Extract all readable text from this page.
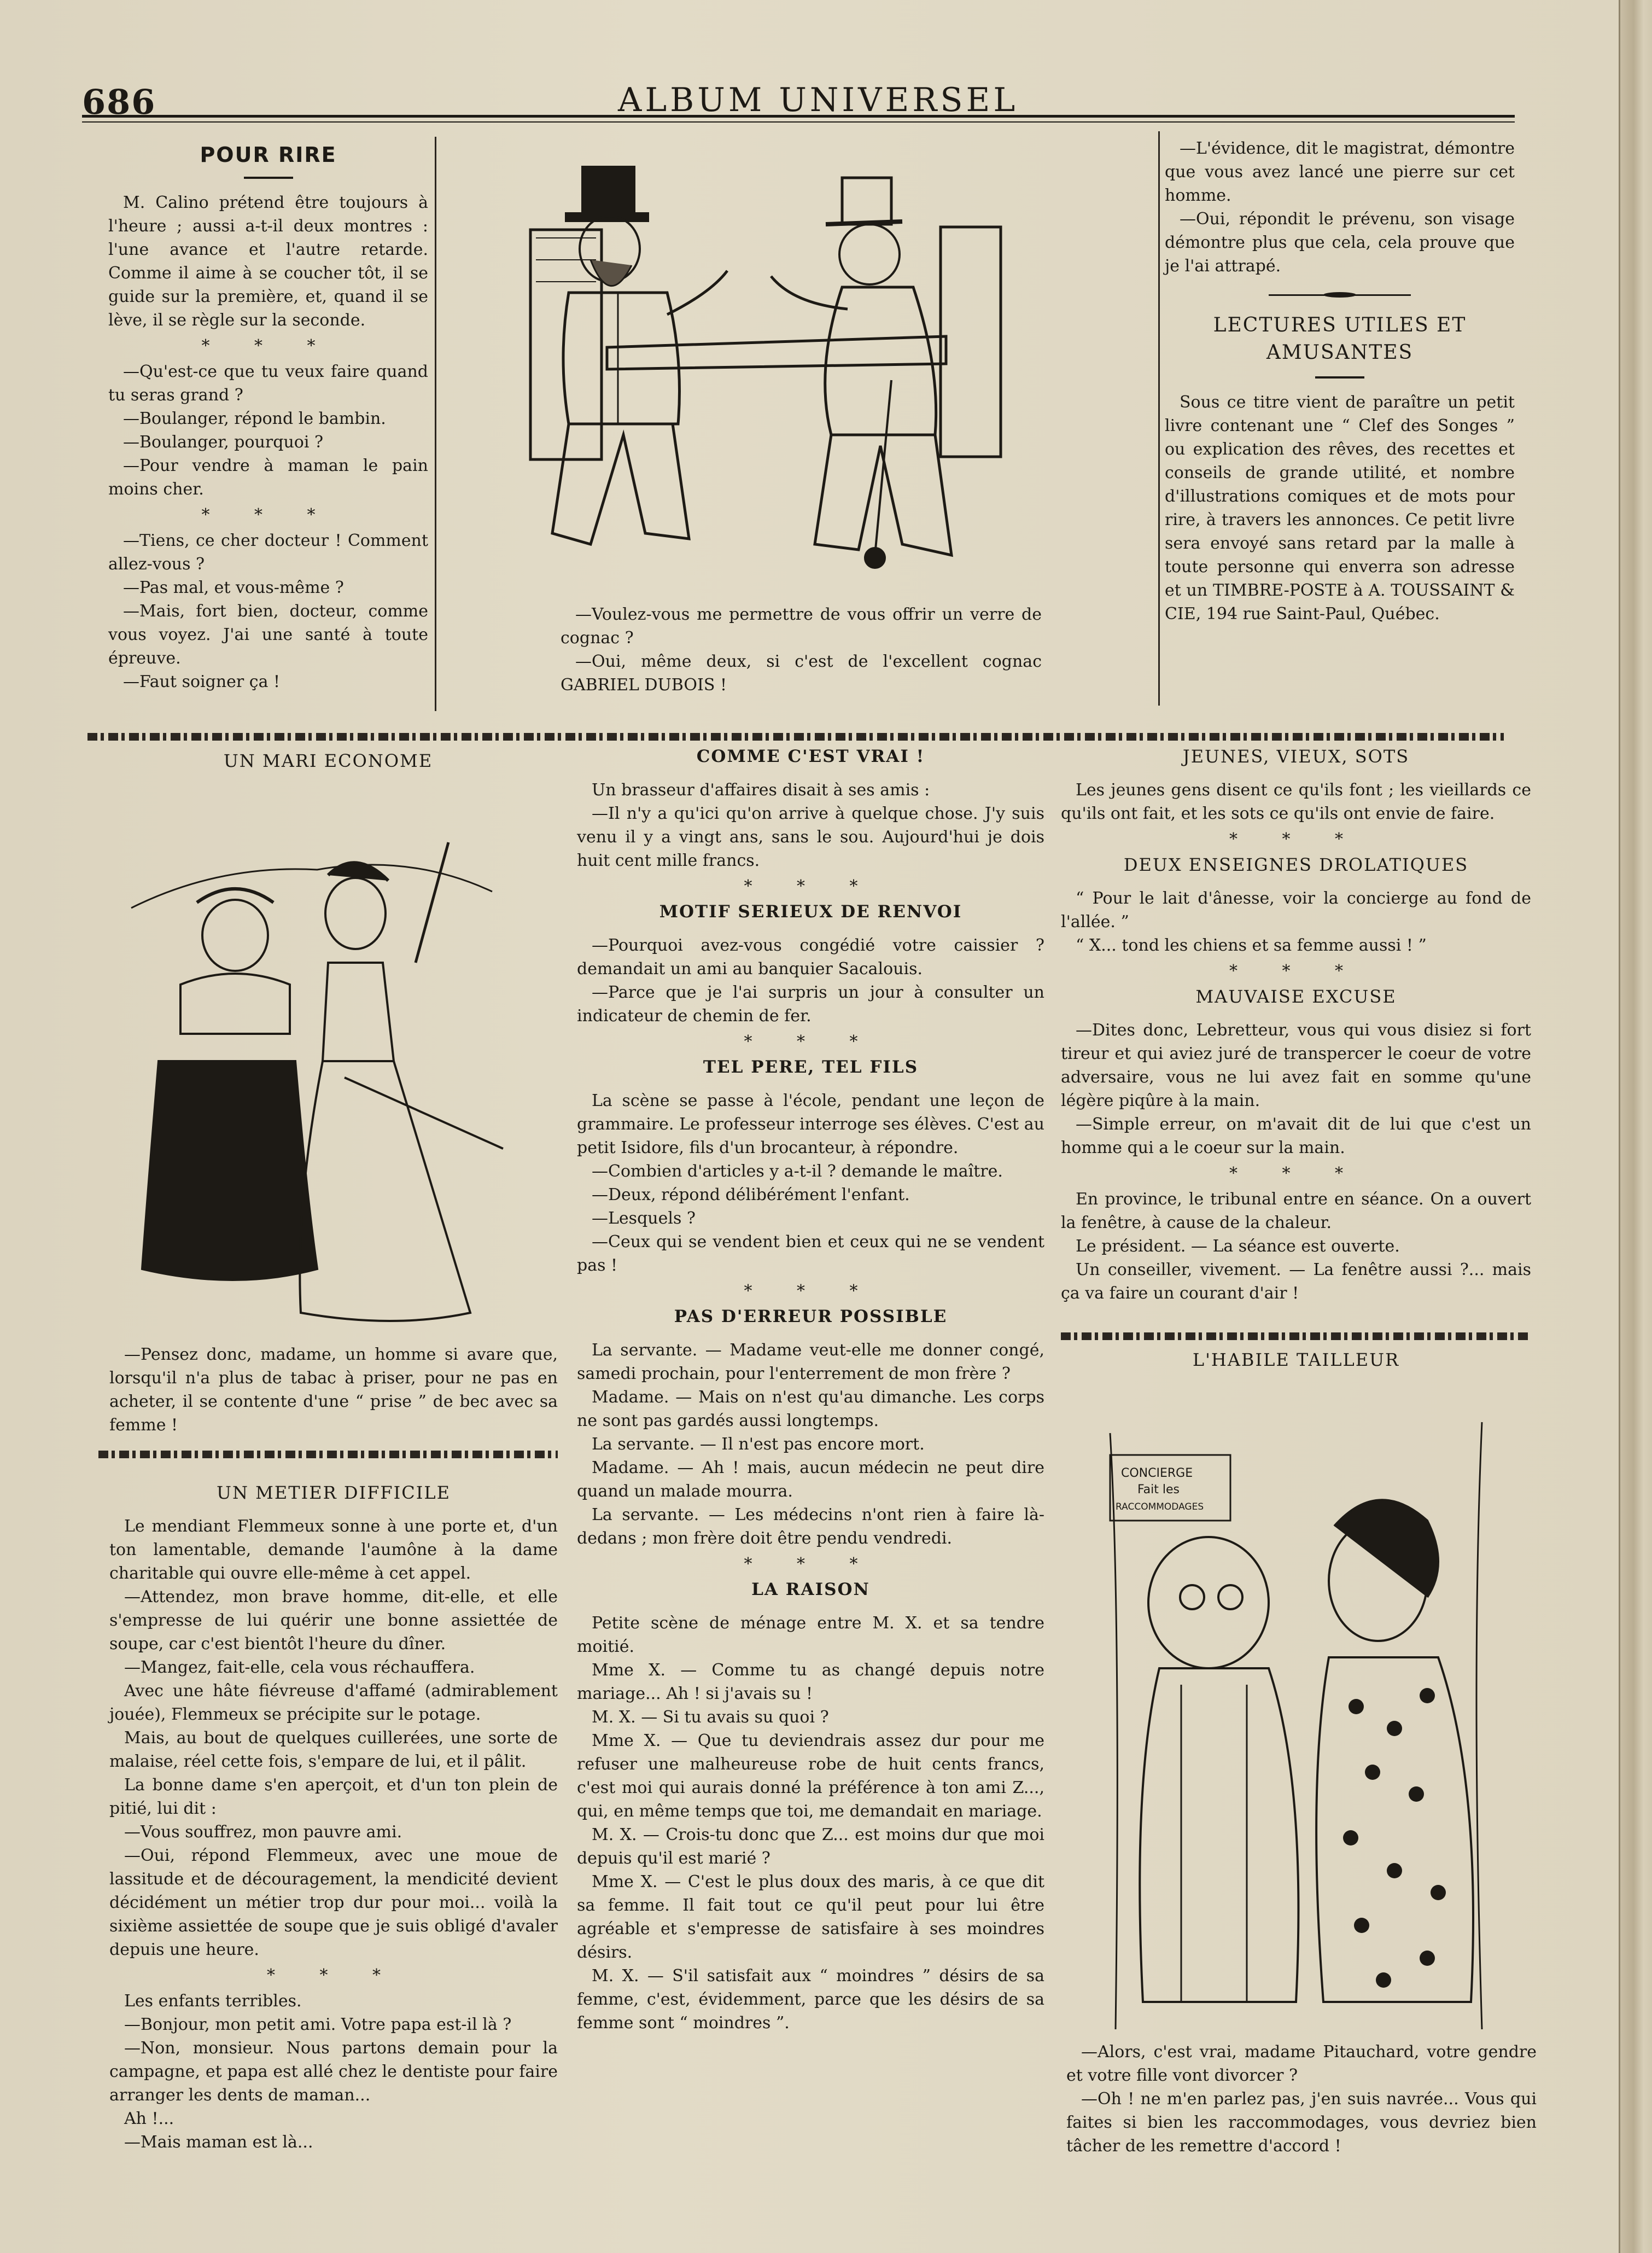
686	ALBUM UNIVERSEL
POUR RIRE

M. Calino prétend être toujours à l'heure ; aussi a-t-il deux montres : l'une avance et l'autre retarde. Comme il aime à se coucher tôt, il se guide sur la première, et, quand il se lève, il se règle sur la seconde.

* * *

—Qu'est-ce que tu veux faire quand tu seras grand ?

—Boulanger, répond le bambin.

—Boulanger, pourquoi ?

—Pour vendre à maman le pain moins cher.

* * *

—Tiens, ce cher docteur ! Comment allez-vous ?

—Pas mal, et vous-même ?

—Mais, fort bien, docteur, comme vous voyez. J'ai une santé à toute épreuve.

—Faut soigner ça !

—Voulez-vous me permettre de vous offrir un verre de cognac ?

—Oui, même deux, si c'est de l'excellent cognac GABRIEL DUBOIS !

—L'évidence, dit le magistrat, démontre que vous avez lancé une pierre sur cet homme.

—Oui, répondit le prévenu, son visage démontre plus que cela, cela prouve que je l'ai attrapé.

LECTURES UTILES ET AMUSANTES

Sous ce titre vient de paraître un petit livre contenant une “ Clef des Songes ” ou explication des rêves, des recettes et conseils de grande utilité, et nombre d'illustrations comiques et de mots pour rire, à travers les annonces. Ce petit livre sera envoyé sans retard par la malle à toute personne qui enverra son adresse et un TIMBRE-POSTE à A. TOUSSAINT & CIE, 194 rue Saint-Paul, Québec.

UN MARI ECONOME

—Pensez donc, madame, un homme si avare que, lorsqu'il n'a plus de tabac à priser, pour ne pas en acheter, il se contente d'une “ prise ” de bec avec sa femme !

UN METIER DIFFICILE

Le mendiant Flemmeux sonne à une porte et, d'un ton lamentable, demande l'aumône à la dame charitable qui ouvre elle-même à cet appel.

—Attendez, mon brave homme, dit-elle, et elle s'empresse de lui quérir une bonne assiettée de soupe, car c'est bientôt l'heure du dîner.

—Mangez, fait-elle, cela vous réchauffera.

Avec une hâte fiévreuse d'affamé (admirablement jouée), Flemmeux se précipite sur le potage.

Mais, au bout de quelques cuillerées, une sorte de malaise, réel cette fois, s'empare de lui, et il pâlit.

La bonne dame s'en aperçoit, et d'un ton plein de pitié, lui dit :

—Vous souffrez, mon pauvre ami.

—Oui, répond Flemmeux, avec une moue de lassitude et de découragement, la mendicité devient décidément un métier trop dur pour moi... voilà la sixième assiettée de soupe que je suis obligé d'avaler depuis une heure.

* * *

Les enfants terribles.

—Bonjour, mon petit ami. Votre papa est-il là ?

—Non, monsieur. Nous partons demain pour la campagne, et papa est allé chez le dentiste pour faire arranger les dents de maman...

Ah !...

—Mais maman est là...

COMME C'EST VRAI !

Un brasseur d'affaires disait à ses amis :

—Il n'y a qu'ici qu'on arrive à quelque chose. J'y suis venu il y a vingt ans, sans le sou. Aujourd'hui je dois huit cent mille francs.

* * *
MOTIF SERIEUX DE RENVOI

—Pourquoi avez-vous congédié votre caissier ? demandait un ami au banquier Sacalouis.

—Parce que je l'ai surpris un jour à consulter un indicateur de chemin de fer.

* * *
TEL PERE, TEL FILS

La scène se passe à l'école, pendant une leçon de grammaire. Le professeur interroge ses élèves. C'est au petit Isidore, fils d'un brocanteur, à répondre.

—Combien d'articles y a-t-il ? demande le maître.

—Deux, répond délibérément l'enfant.

—Lesquels ?

—Ceux qui se vendent bien et ceux qui ne se vendent pas !

* * *
PAS D'ERREUR POSSIBLE

La servante. — Madame veut-elle me donner congé, samedi prochain, pour l'enterrement de mon frère ?

Madame. — Mais on n'est qu'au dimanche. Les corps ne sont pas gardés aussi longtemps.

La servante. — Il n'est pas encore mort.

Madame. — Ah ! mais, aucun médecin ne peut dire quand un malade mourra.

La servante. — Les médecins n'ont rien à faire là-dedans ; mon frère doit être pendu vendredi.

* * *
LA RAISON

Petite scène de ménage entre M. X. et sa tendre moitié.

Mme X. — Comme tu as changé depuis notre mariage... Ah ! si j'avais su !

M. X. — Si tu avais su quoi ?

Mme X. — Que tu deviendrais assez dur pour me refuser une malheureuse robe de huit cents francs, c'est moi qui aurais donné la préférence à ton ami Z..., qui, en même temps que toi, me demandait en mariage.

M. X. — Crois-tu donc que Z... est moins dur que moi depuis qu'il est marié ?

Mme X. — C'est le plus doux des maris, à ce que dit sa femme. Il fait tout ce qu'il peut pour lui être agréable et s'empresse de satisfaire à ses moindres désirs.

M. X. — S'il satisfait aux “ moindres ” désirs de sa femme, c'est, évidemment, parce que les désirs de sa femme sont “ moindres ”.

JEUNES, VIEUX, SOTS

Les jeunes gens disent ce qu'ils font ; les vieillards ce qu'ils ont fait, et les sots ce qu'ils ont envie de faire.

* * *
DEUX ENSEIGNES DROLATIQUES

“ Pour le lait d'ânesse, voir la concierge au fond de l'allée. ”

“ X... tond les chiens et sa femme aussi ! ”

* * *
MAUVAISE EXCUSE

—Dites donc, Lebretteur, vous qui vous disiez si fort tireur et qui aviez juré de transpercer le coeur de votre adversaire, vous ne lui avez fait en somme qu'une légère piqûre à la main.

—Simple erreur, on m'avait dit de lui que c'est un homme qui a le coeur sur la main.

* * *

En province, le tribunal entre en séance. On a ouvert la fenêtre, à cause de la chaleur.

Le président. — La séance est ouverte.

Un conseiller, vivement. — La fenêtre aussi ?... mais ça va faire un courant d'air !

L'HABILE TAILLEUR
CONCIERGE
Fait les
RACCOMMODAGES

—Alors, c'est vrai, madame Pitauchard, votre gendre et votre fille vont divorcer ?

—Oh ! ne m'en parlez pas, j'en suis navrée... Vous qui faites si bien les raccommodages, vous devriez bien tâcher de les remettre d'accord !
